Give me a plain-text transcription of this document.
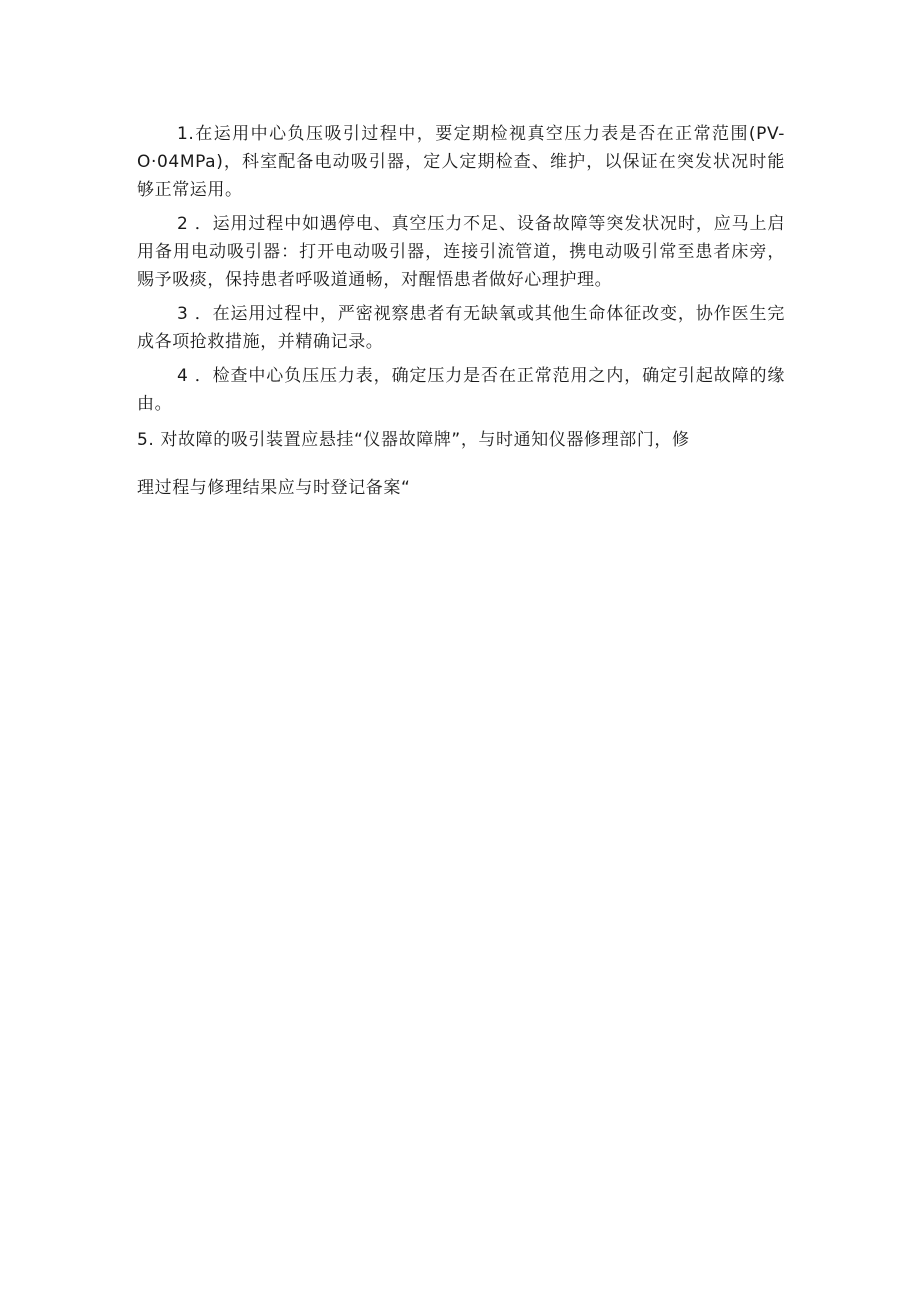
1.在运用中心负压吸引过程中，要定期检视真空压力表是否在正常范围(PV-O·04MPa)，科室配备电动吸引器，定人定期检查、维护，以保证在突发状况时能够正常运用。

2 ．运用过程中如遇停电、真空压力不足、设备故障等突发状况时，应马上启用备用电动吸引器：打开电动吸引器，连接引流管道，携电动吸引常至患者床旁，赐予吸痰，保持患者呼吸道通畅，对醒悟患者做好心理护理。

3 ．在运用过程中，严密视察患者有无缺氧或其他生命体征改变，协作医生完成各项抢救措施，并精确记录。

4 ．检查中心负压压力表，确定压力是否在正常范用之内，确定引起故障的缘由。

5. 对故障的吸引装置应悬挂“仪器故障牌”，与时通知仪器修理部门，修

理过程与修理结果应与时登记备案“
